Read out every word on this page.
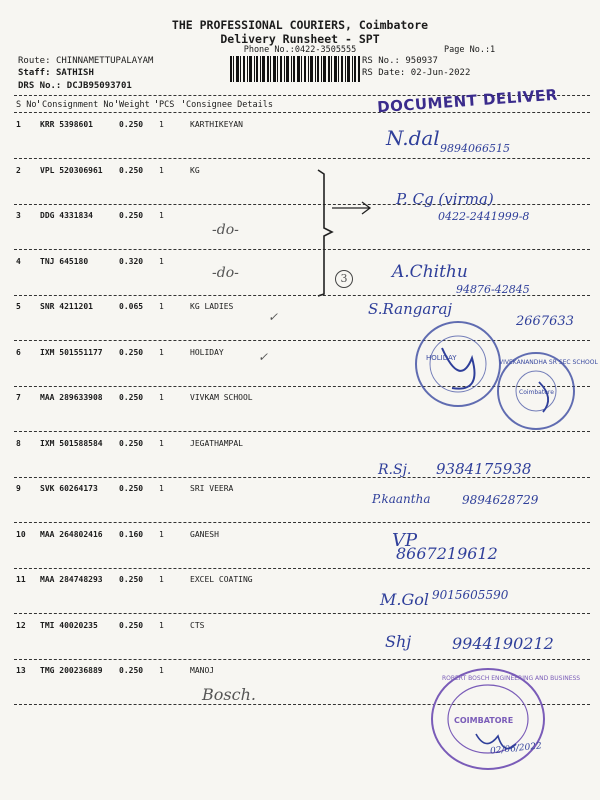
THE PROFESSIONAL COURIERS, Coimbatore
Delivery Runsheet - SPT
Phone No.:0422-3505555	Page No.:1
Route: CHINNAMETTUPALAYAM
Staff: SATHISH
DRS No.: DCJB95093701
RS No.: 950937
RS Date: 02-Jun-2022
S No Consignment No Weight PCS Consignee Details
1 KRR 5398601	0.250 1	KARTHIKEYAN
2 VPL 520306961 0.250 1	KG
3 DDG 4331834	0.250 1
4 TNJ 645180	0.320 1
5 SNR 4211201	0.065 1	KG LADIES
6 IXM 501551177 0.250 1	HOLIDAY
7 MAA 289633908 0.250 1	VIVKAM SCHOOL
8 IXM 501588584 0.250 1	JEGATHAMPAL
9 SVK 60264173	0.250 1	SRI VEERA
10 MAA 264802416 0.160 1	GANESH
11 MAA 284748293 0.250 1	EXCEL COATING
12 TMI 40020235	0.250 1	CTS
13 TMG 200236889 0.250 1	MANOJ
DOCUMENT DELIVER
N.dal 9894066515
P. Cg (virma)
0422-2441999-8
-do-
-do-	3	A.Chithu
94876-42845
S.Rangaraj
2667633
✓
✓	HOLIDAY
VIVEKANANDHA SR SEC SCHOOL
Coimbatore
R.Sj. 9384175938
P.kaantha	9894628729
VP
8667219612
M.Gol 9015605590
Shj	9944190212
Bosch.
ROBERT BOSCH ENGINEERING AND BUSINESS
COIMBATORE
02/06/2022
